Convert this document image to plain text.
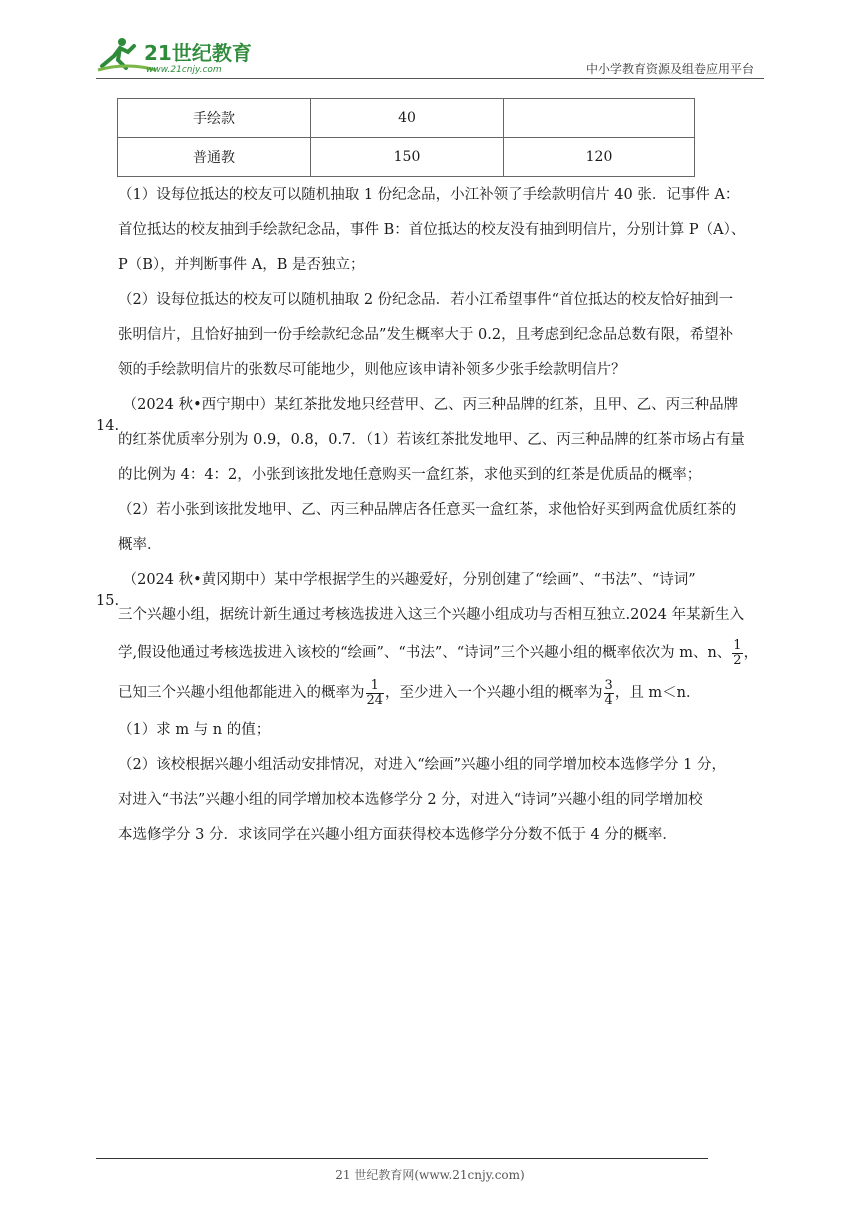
21世纪教育
www.21cnjy.com	中小学教育资源及组卷应用平台
手绘款	40	
普通教	150	120
（1）设每位抵达的校友可以随机抽取 1 份纪念品，小江补领了手绘款明信片 40 张．记事件 A：
首位抵达的校友抽到手绘款纪念品，事件 B：首位抵达的校友没有抽到明信片，分别计算 P（A）、
P（B），并判断事件 A，B 是否独立；
（2）设每位抵达的校友可以随机抽取 2 份纪念品．若小江希望事件“首位抵达的校友恰好抽到一
张明信片，且恰好抽到一份手绘款纪念品”发生概率大于 0.2，且考虑到纪念品总数有限，希望补
领的手绘款明信片的张数尽可能地少，则他应该申请补领多少张手绘款明信片？
14.
（2024 秋•西宁期中）某红茶批发地只经营甲、乙、丙三种品牌的红茶，且甲、乙、丙三种品牌
的红茶优质率分别为 0.9，0.8，0.7．（1）若该红茶批发地甲、乙、丙三种品牌的红茶市场占有量
的比例为 4：4：2，小张到该批发地任意购买一盒红茶，求他买到的红茶是优质品的概率；
（2）若小张到该批发地甲、乙、丙三种品牌店各任意买一盒红茶，求他恰好买到两盒优质红茶的
概率．
15.
（2024 秋•黄冈期中）某中学根据学生的兴趣爱好，分别创建了“绘画”、“书法”、“诗词”
三个兴趣小组，据统计新生通过考核选拔进入这三个兴趣小组成功与否相互独立.2024 年某新生入
学,假设他通过考核选拔进入该校的“绘画”、“书法”、“诗词”三个兴趣小组的概率依次为 m、n、 $\frac{1}{2}$ ，
已知三个兴趣小组他都能进入的概率为 $\frac{1}{24}$ ，至少进入一个兴趣小组的概率为 $\frac{3}{4}$ ，且 m＜n．
（1）求 m 与 n 的值；
（2）该校根据兴趣小组活动安排情况，对进入“绘画”兴趣小组的同学增加校本选修学分 1 分，
对进入“书法”兴趣小组的同学增加校本选修学分 2 分，对进入“诗词”兴趣小组的同学增加校
本选修学分 3 分．求该同学在兴趣小组方面获得校本选修学分分数不低于 4 分的概率．
21 世纪教育网(www.21cnjy.com)
